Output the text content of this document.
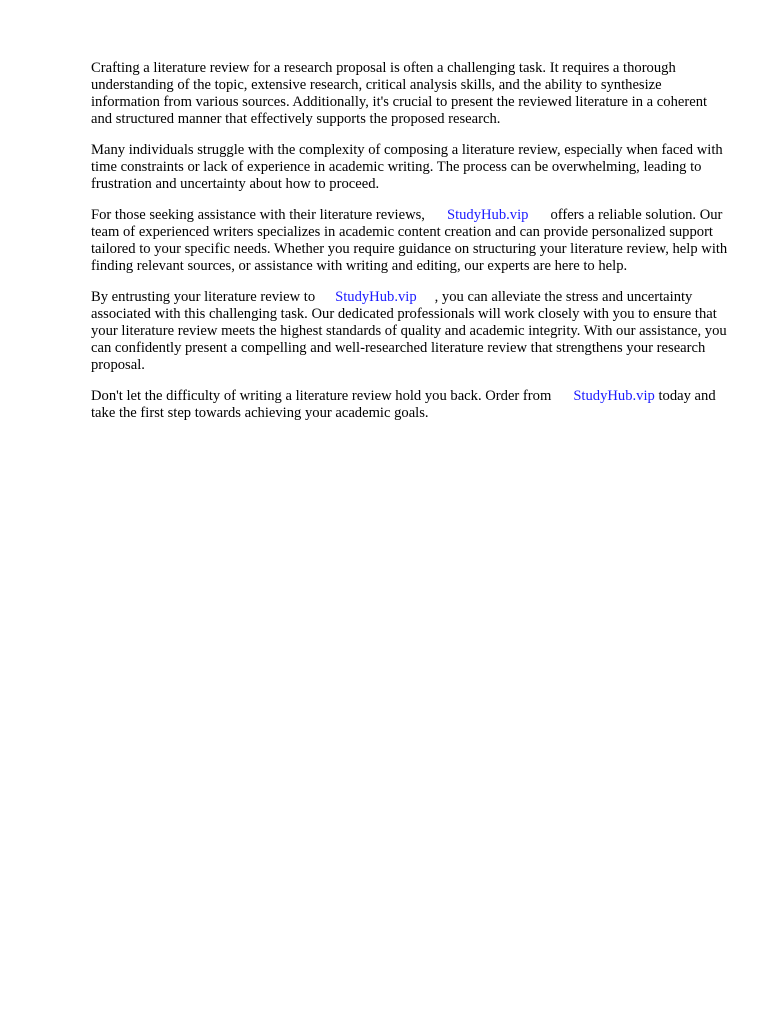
Crafting a literature review for a research proposal is often a challenging task. It requires a thorough understanding of the topic, extensive research, critical analysis skills, and the ability to synthesize information from various sources. Additionally, it's crucial to present the reviewed literature in a coherent and structured manner that effectively supports the proposed research.

Many individuals struggle with the complexity of composing a literature review, especially when faced with time constraints or lack of experience in academic writing. The process can be overwhelming, leading to frustration and uncertainty about how to proceed.

For those seeking assistance with their literature reviews, StudyHub.vip offers a reliable solution. Our team of experienced writers specializes in academic content creation and can provide personalized support tailored to your specific needs. Whether you require guidance on structuring your literature review, help with finding relevant sources, or assistance with writing and editing, our experts are here to help.

By entrusting your literature review to StudyHub.vip , you can alleviate the stress and uncertainty associated with this challenging task. Our dedicated professionals will work closely with you to ensure that your literature review meets the highest standards of quality and academic integrity. With our assistance, you can confidently present a compelling and well-researched literature review that strengthens your research proposal.

Don't let the difficulty of writing a literature review hold you back. Order from StudyHub.vip today and take the first step towards achieving your academic goals.
